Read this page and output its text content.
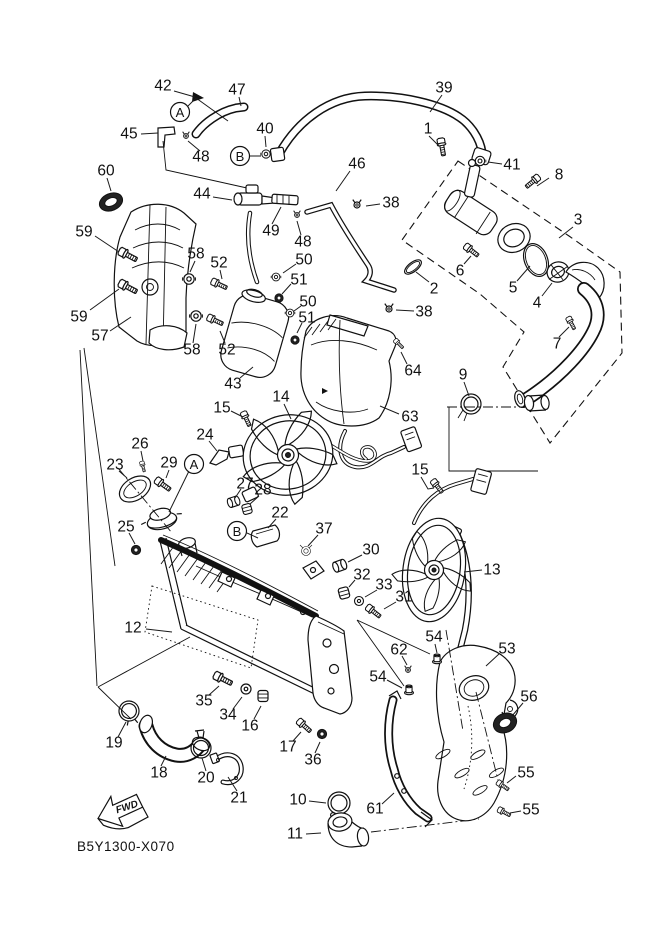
FWD
B5Y1300-X070
42	47
45
48
40
39
1
41
8
46
38
3
2
6
5
4
7
60
44
49
48
38
64
63
9
59
59
57
58
58
52
52
50
50
51
51
43
15
14
24
26
23 29
27 28
25
22
37
30
32
33
31
13
15
12
35
34
16
17
36
19
18 20
21	10
11
62
54
54
53
56
55
55
61
A
B
A
B
